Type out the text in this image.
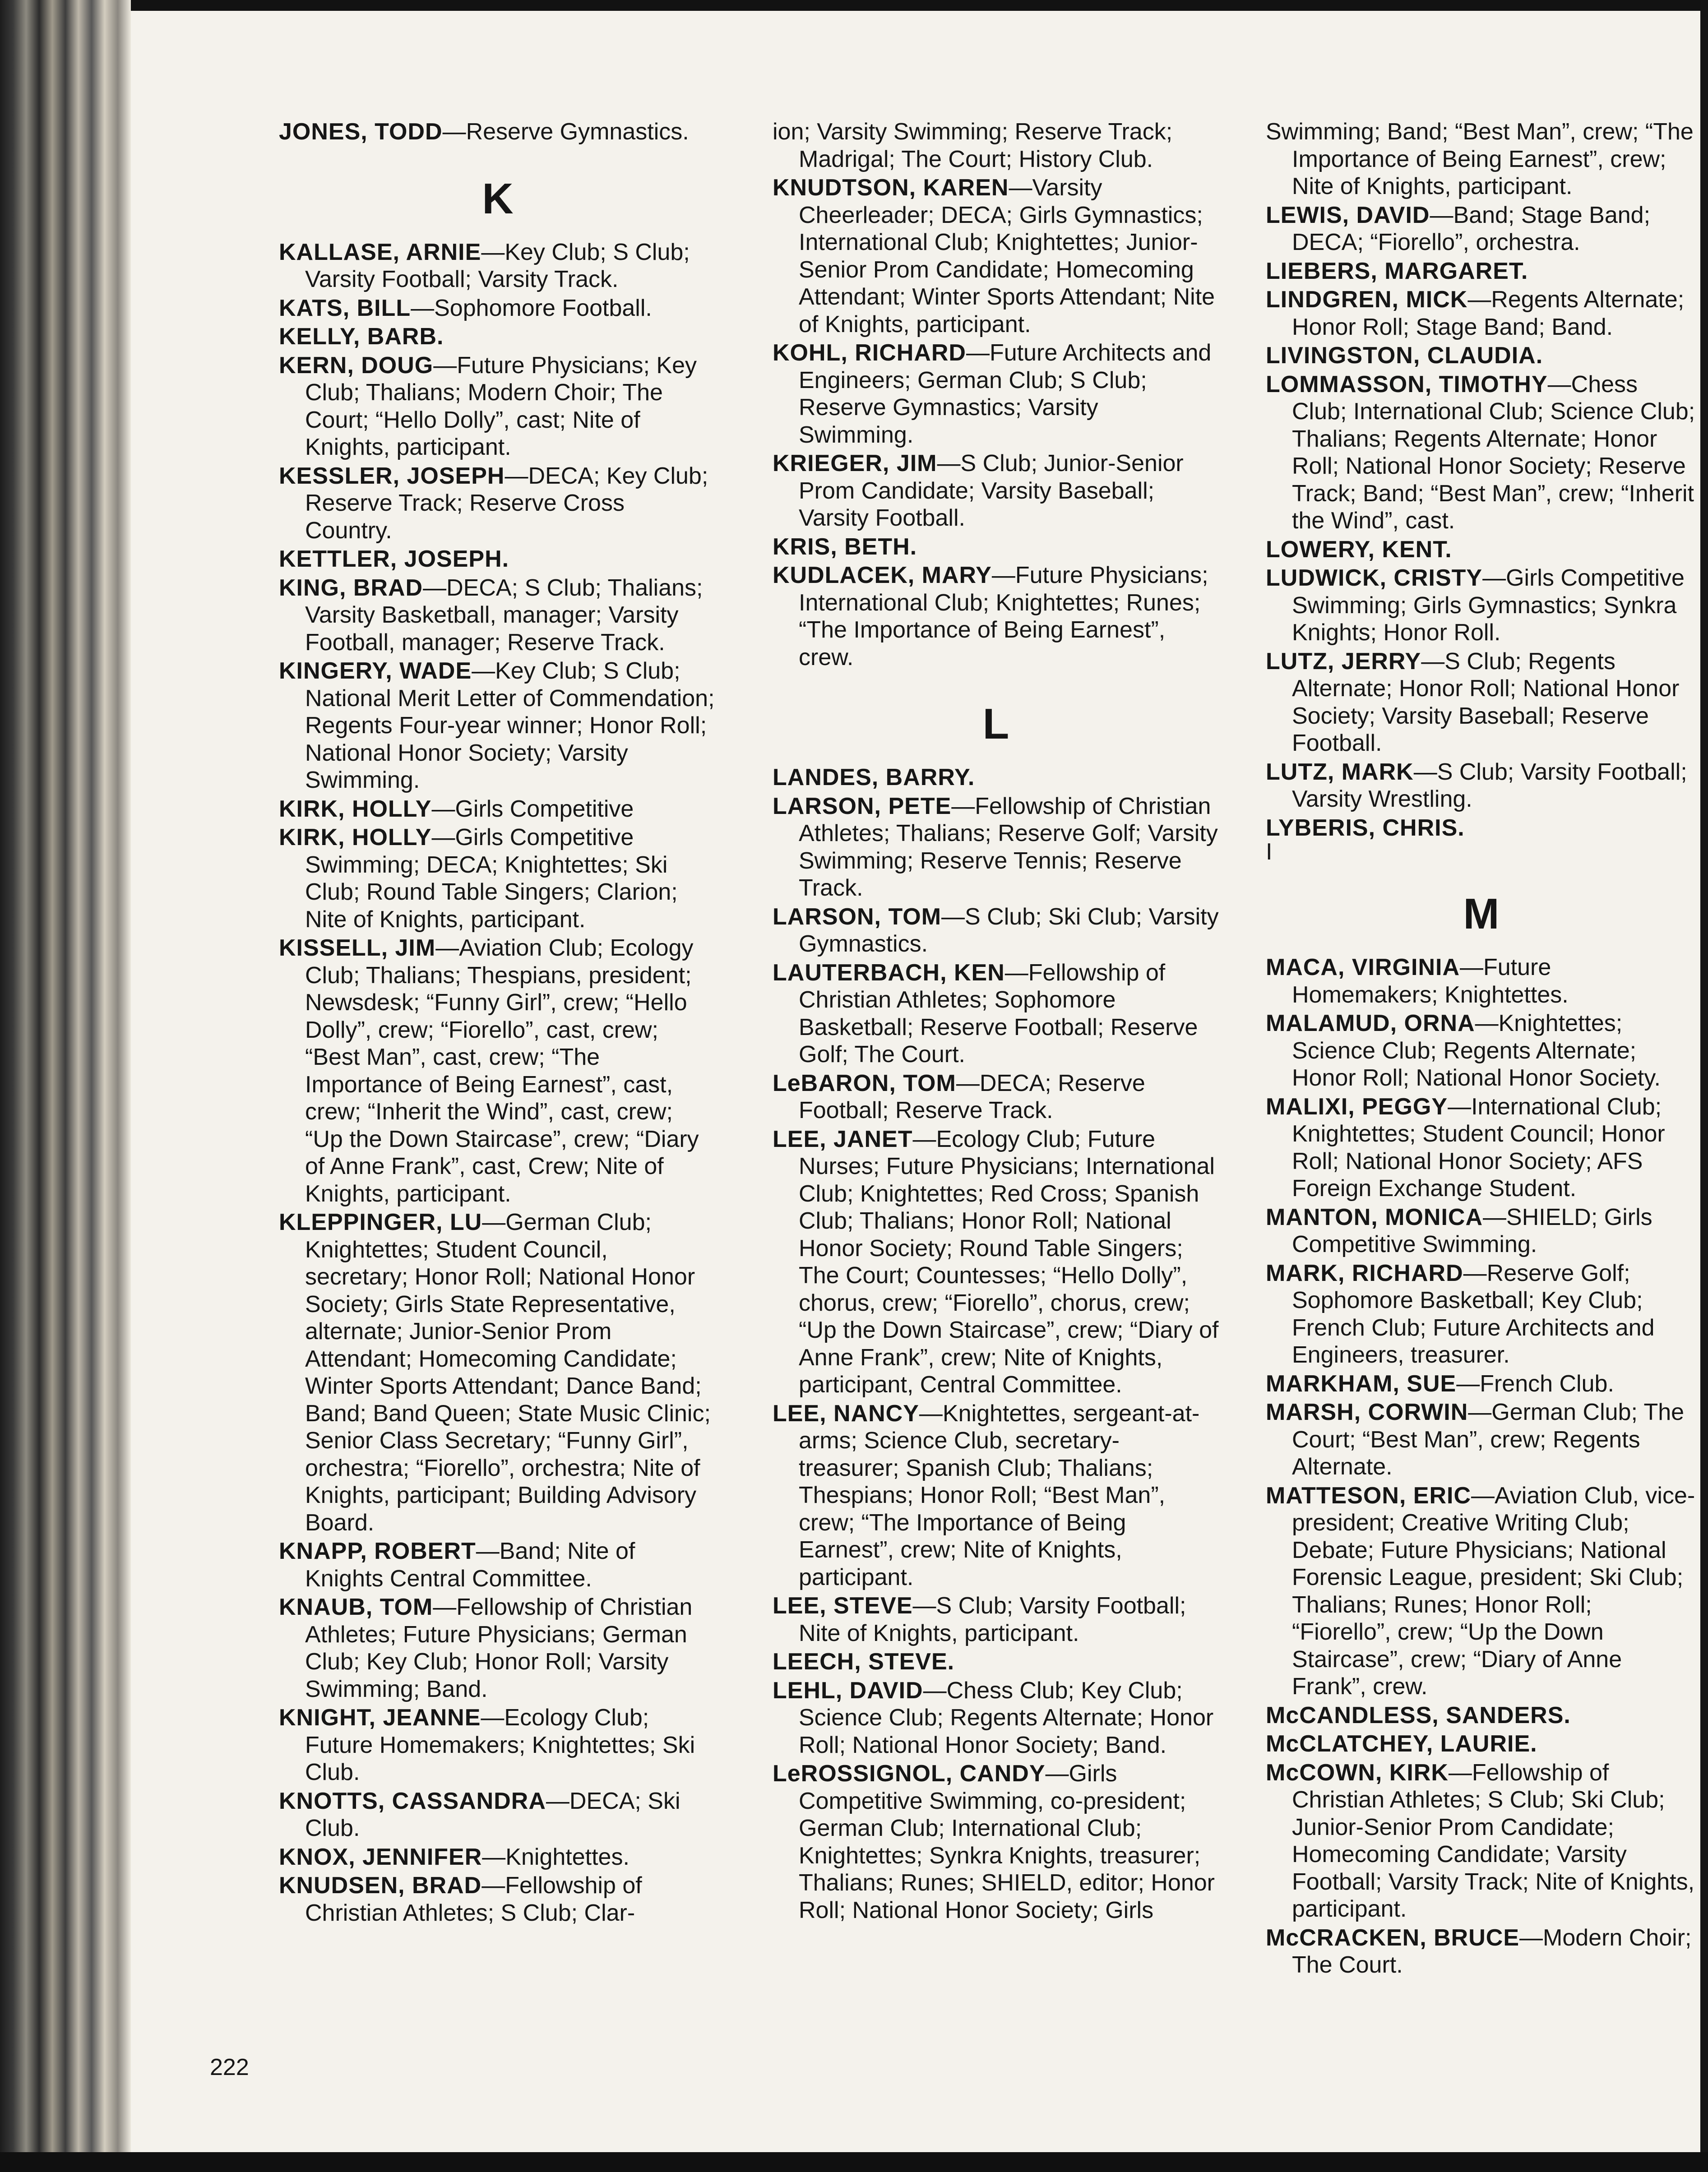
JONES, TODD—Reserve Gymnastics.
K
KALLASE, ARNIE—Key Club; S Club; Varsity Football; Varsity Track.
KATS, BILL—Sophomore Football.
KELLY, BARB.
KERN, DOUG—Future Physicians; Key Club; Thalians; Modern Choir; The Court; “Hello Dolly”, cast; Nite of Knights, participant.
KESSLER, JOSEPH—DECA; Key Club; Reserve Track; Reserve Cross Country.
KETTLER, JOSEPH.
KING, BRAD—DECA; S Club; Thalians; Varsity Basketball, manager; Varsity Football, manager; Reserve Track.
KINGERY, WADE—Key Club; S Club; National Merit Letter of Commendation; Regents Four-year winner; Honor Roll; National Honor Society; Varsity Swimming.
KIRK, HOLLY—Girls Competitive
KIRK, HOLLY—Girls Competitive Swimming; DECA; Knightettes; Ski Club; Round Table Singers; Clarion; Nite of Knights, participant.
KISSELL, JIM—Aviation Club; Ecology Club; Thalians; Thespians, president; Newsdesk; “Funny Girl”, crew; “Hello Dolly”, crew; “Fiorello”, cast, crew; “Best Man”, cast, crew; “The Importance of Being Earnest”, cast, crew; “Inherit the Wind”, cast, crew; “Up the Down Staircase”, crew; “Diary of Anne Frank”, cast, Crew; Nite of Knights, participant.
KLEPPINGER, LU—German Club; Knightettes; Student Council, secretary; Honor Roll; National Honor Society; Girls State Representative, alternate; Junior-Senior Prom Attendant; Homecoming Candidate; Winter Sports Attendant; Dance Band; Band; Band Queen; State Music Clinic; Senior Class Secretary; “Funny Girl”, orchestra; “Fiorello”, orchestra; Nite of Knights, participant; Building Advisory Board.
KNAPP, ROBERT—Band; Nite of Knights Central Committee.
KNAUB, TOM—Fellowship of Christian Athletes; Future Physicians; German Club; Key Club; Honor Roll; Varsity Swimming; Band.
KNIGHT, JEANNE—Ecology Club; Future Homemakers; Knightettes; Ski Club.
KNOTTS, CASSANDRA—DECA; Ski Club.
KNOX, JENNIFER—Knightettes.
KNUDSEN, BRAD—Fellowship of Christian Athletes; S Club; Clar-
ion; Varsity Swimming; Reserve Track; Madrigal; The Court; History Club.
KNUDTSON, KAREN—Varsity Cheerleader; DECA; Girls Gymnastics; International Club; Knightettes; Junior-Senior Prom Candidate; Homecoming Attendant; Winter Sports Attendant; Nite of Knights, participant.
KOHL, RICHARD—Future Architects and Engineers; German Club; S Club; Reserve Gymnastics; Varsity Swimming.
KRIEGER, JIM—S Club; Junior-Senior Prom Candidate; Varsity Baseball; Varsity Football.
KRIS, BETH.
KUDLACEK, MARY—Future Physicians; International Club; Knightettes; Runes; “The Importance of Being Earnest”, crew.
L
LANDES, BARRY.
LARSON, PETE—Fellowship of Christian Athletes; Thalians; Reserve Golf; Varsity Swimming; Reserve Tennis; Reserve Track.
LARSON, TOM—S Club; Ski Club; Varsity Gymnastics.
LAUTERBACH, KEN—Fellowship of Christian Athletes; Sophomore Basketball; Reserve Football; Reserve Golf; The Court.
LeBARON, TOM—DECA; Reserve Football; Reserve Track.
LEE, JANET—Ecology Club; Future Nurses; Future Physicians; International Club; Knightettes; Red Cross; Spanish Club; Thalians; Honor Roll; National Honor Society; Round Table Singers; The Court; Countesses; “Hello Dolly”, chorus, crew; “Fiorello”, chorus, crew; “Up the Down Staircase”, crew; “Diary of Anne Frank”, crew; Nite of Knights, participant, Central Committee.
LEE, NANCY—Knightettes, sergeant-at-arms; Science Club, secretary-treasurer; Spanish Club; Thalians; Thespians; Honor Roll; “Best Man”, crew; “The Importance of Being Earnest”, crew; Nite of Knights, participant.
LEE, STEVE—S Club; Varsity Football; Nite of Knights, participant.
LEECH, STEVE.
LEHL, DAVID—Chess Club; Key Club; Science Club; Regents Alternate; Honor Roll; National Honor Society; Band.
LeROSSIGNOL, CANDY—Girls Competitive Swimming, co-president; German Club; International Club; Knightettes; Synkra Knights, treasurer; Thalians; Runes; SHIELD, editor; Honor Roll; National Honor Society; Girls
Swimming; Band; “Best Man”, crew; “The Importance of Being Earnest”, crew; Nite of Knights, participant.
LEWIS, DAVID—Band; Stage Band; DECA; “Fiorello”, orchestra.
LIEBERS, MARGARET.
LINDGREN, MICK—Regents Alternate; Honor Roll; Stage Band; Band.
LIVINGSTON, CLAUDIA.
LOMMASSON, TIMOTHY—Chess Club; International Club; Science Club; Thalians; Regents Alternate; Honor Roll; National Honor Society; Reserve Track; Band; “Best Man”, crew; “Inherit the Wind”, cast.
LOWERY, KENT.
LUDWICK, CRISTY—Girls Competitive Swimming; Girls Gymnastics; Synkra Knights; Honor Roll.
LUTZ, JERRY—S Club; Regents Alternate; Honor Roll; National Honor Society; Varsity Baseball; Reserve Football.
LUTZ, MARK—S Club; Varsity Football; Varsity Wrestling.
LYBERIS, CHRIS.
I
M
MACA, VIRGINIA—Future Homemakers; Knightettes.
MALAMUD, ORNA—Knightettes; Science Club; Regents Alternate; Honor Roll; National Honor Society.
MALIXI, PEGGY—International Club; Knightettes; Student Council; Honor Roll; National Honor Society; AFS Foreign Exchange Student.
MANTON, MONICA—SHIELD; Girls Competitive Swimming.
MARK, RICHARD—Reserve Golf; Sophomore Basketball; Key Club; French Club; Future Architects and Engineers, treasurer.
MARKHAM, SUE—French Club.
MARSH, CORWIN—German Club; The Court; “Best Man”, crew; Regents Alternate.
MATTESON, ERIC—Aviation Club, vice-president; Creative Writing Club; Debate; Future Physicians; National Forensic League, president; Ski Club; Thalians; Runes; Honor Roll; “Fiorello”, crew; “Up the Down Staircase”, crew; “Diary of Anne Frank”, crew.
McCANDLESS, SANDERS.
McCLATCHEY, LAURIE.
McCOWN, KIRK—Fellowship of Christian Athletes; S Club; Ski Club; Junior-Senior Prom Candidate; Homecoming Candidate; Varsity Football; Varsity Track; Nite of Knights, participant.
McCRACKEN, BRUCE—Modern Choir; The Court.
222
